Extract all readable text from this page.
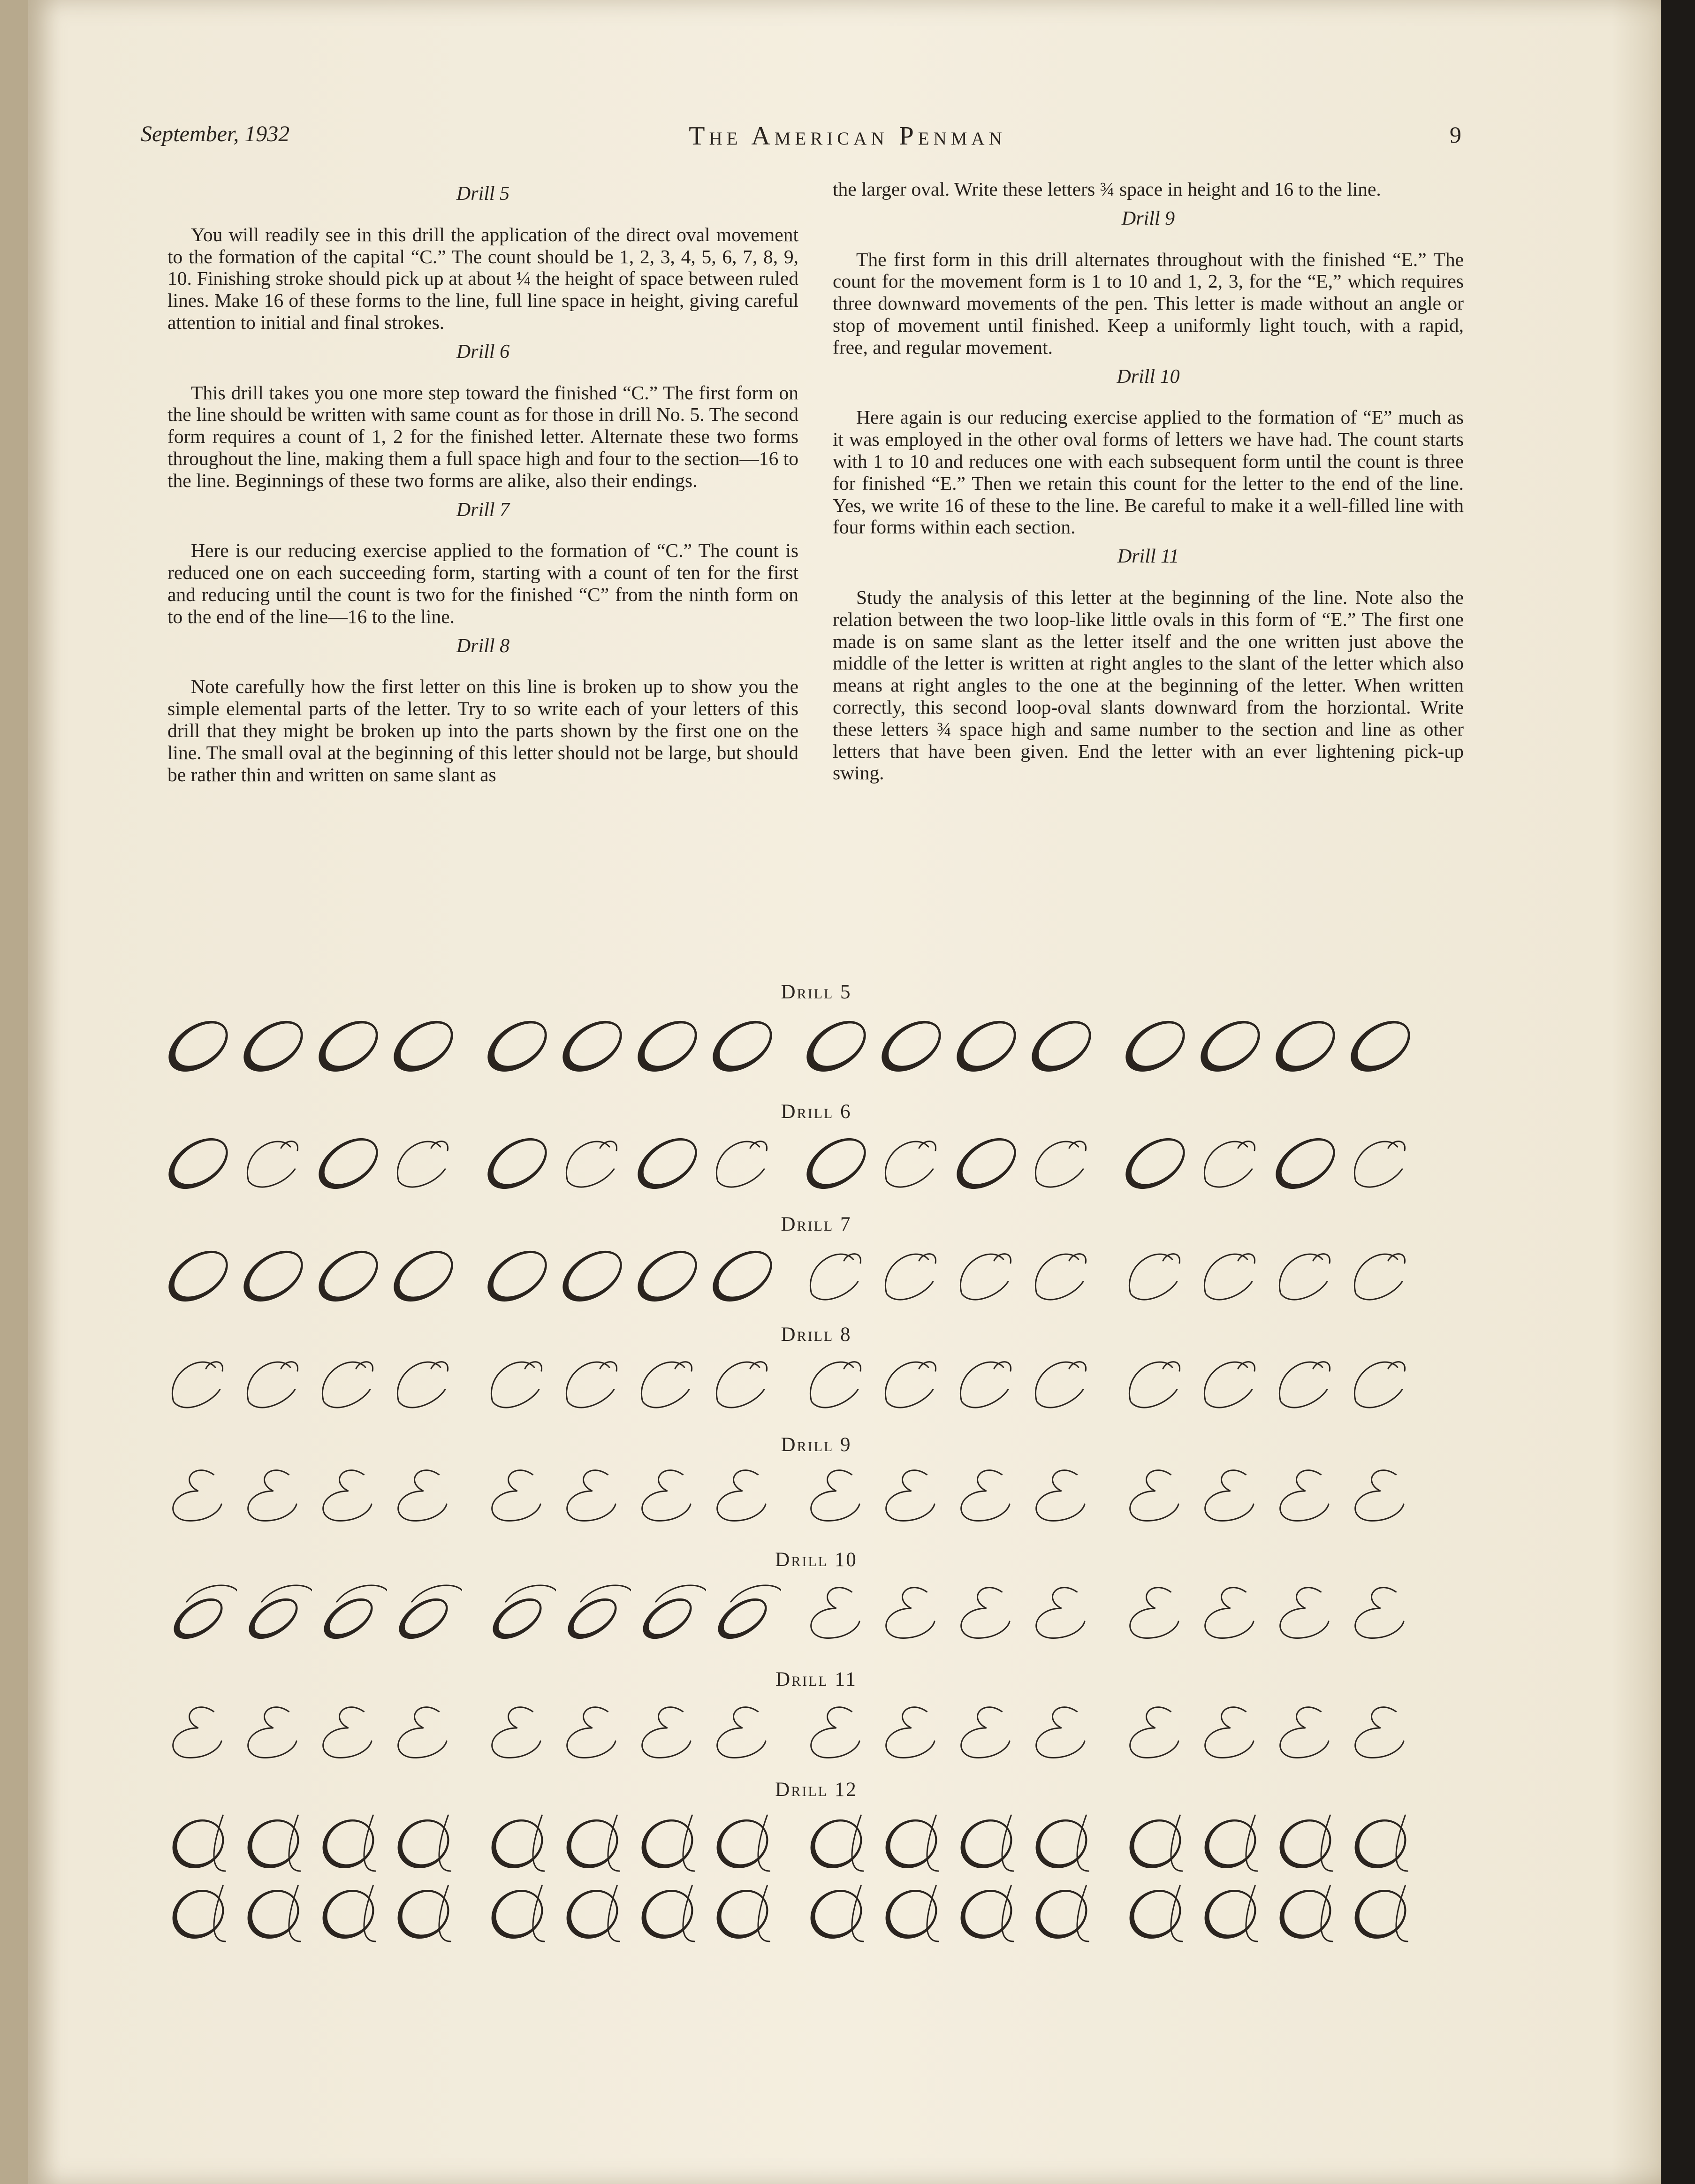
September, 1932	The American Penman	9
Drill 5

You will readily see in this drill the application of the direct oval movement to the formation of the capital “C.” The count should be 1, 2, 3, 4, 5, 6, 7, 8, 9, 10. Finishing stroke should pick up at about ¼ the height of space between ruled lines. Make 16 of these forms to the line, full line space in height, giving careful attention to initial and final strokes.

Drill 6

This drill takes you one more step toward the finished “C.” The first form on the line should be written with same count as for those in drill No. 5. The second form requires a count of 1, 2 for the finished letter. Alternate these two forms throughout the line, making them a full space high and four to the section—16 to the line. Beginnings of these two forms are alike, also their endings.

Drill 7

Here is our reducing exercise applied to the formation of “C.” The count is reduced one on each succeeding form, starting with a count of ten for the first and reducing until the count is two for the finished “C” from the ninth form on to the end of the line—16 to the line.

Drill 8

Note carefully how the first letter on this line is broken up to show you the simple elemental parts of the letter. Try to so write each of your letters of this drill that they might be broken up into the parts shown by the first one on the line. The small oval at the beginning of this letter should not be large, but should be rather thin and written on same slant as

the larger oval. Write these letters ¾ space in height and 16 to the line.

Drill 9

The first form in this drill alternates throughout with the finished “E.” The count for the movement form is 1 to 10 and 1, 2, 3, for the “E,” which requires three downward movements of the pen. This letter is made without an angle or stop of movement until finished. Keep a uniformly light touch, with a rapid, free, and regular movement.

Drill 10

Here again is our reducing exercise applied to the formation of “E” much as it was employed in the other oval forms of letters we have had. The count starts with 1 to 10 and reduces one with each subsequent form until the count is three for finished “E.” Then we retain this count for the letter to the end of the line. Yes, we write 16 of these to the line. Be careful to make it a well-filled line with four forms within each section.

Drill 11

Study the analysis of this letter at the beginning of the line. Note also the relation between the two loop-like little ovals in this form of “E.” The first one made is on same slant as the letter itself and the one written just above the middle of the letter is written at right angles to the slant of the letter which also means at right angles to the one at the beginning of the letter. When written correctly, this second loop-oval slants downward from the horziontal. Write these letters ¾ space high and same number to the section and line as other letters that have been given. End the letter with an ever lightening pick-up swing.

Drill 5
Drill 6
Drill 7
Drill 8
Drill 9
Drill 10
Drill 11
Drill 12
